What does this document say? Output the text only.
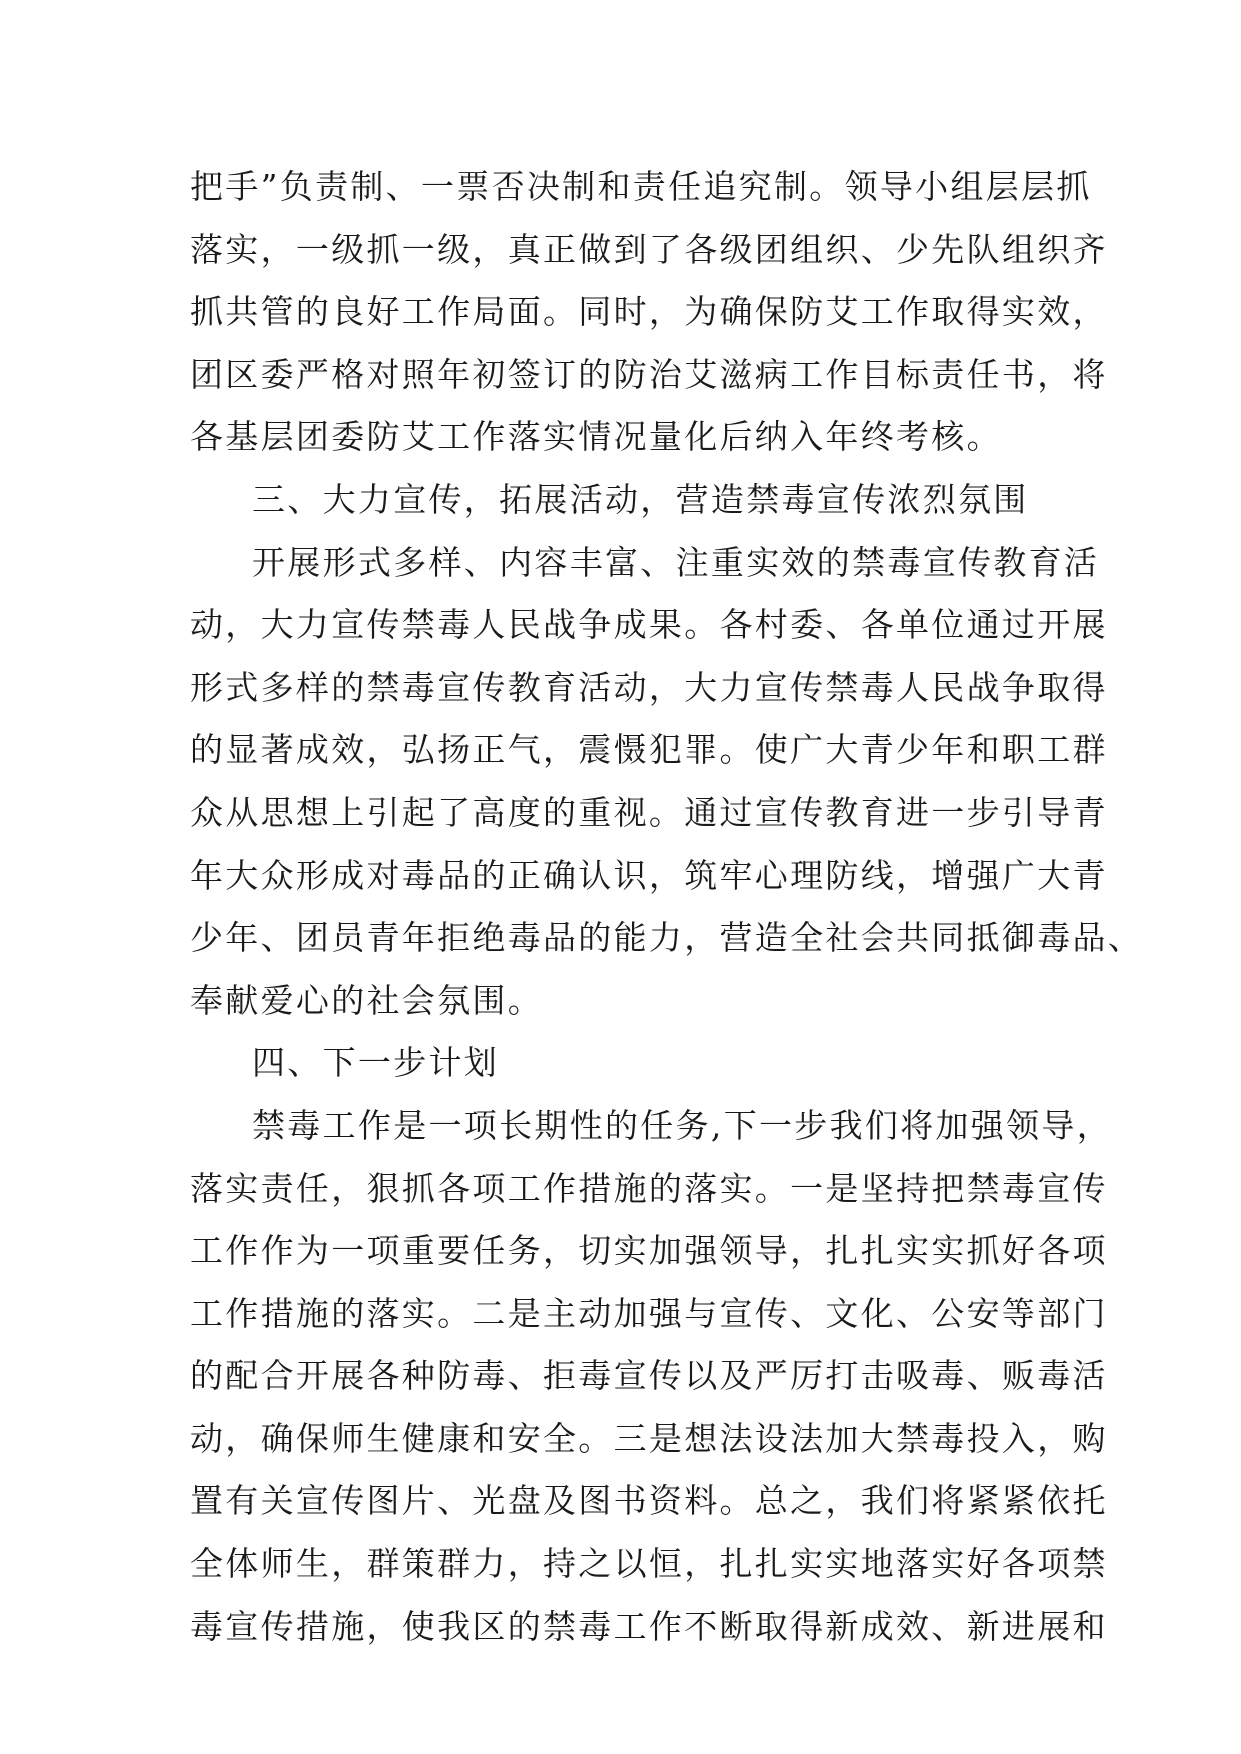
把手”负责制、一票否决制和责任追究制。领导小组层层抓
落实，一级抓一级，真正做到了各级团组织、少先队组织齐
抓共管的良好工作局面。同时，为确保防艾工作取得实效，
团区委严格对照年初签订的防治艾滋病工作目标责任书，将
各基层团委防艾工作落实情况量化后纳入年终考核。
三、大力宣传，拓展活动，营造禁毒宣传浓烈氛围
开展形式多样、内容丰富、注重实效的禁毒宣传教育活
动，大力宣传禁毒人民战争成果。各村委、各单位通过开展
形式多样的禁毒宣传教育活动，大力宣传禁毒人民战争取得
的显著成效，弘扬正气，震慑犯罪。使广大青少年和职工群
众从思想上引起了高度的重视。通过宣传教育进一步引导青
年大众形成对毒品的正确认识，筑牢心理防线，增强广大青
少年、团员青年拒绝毒品的能力，营造全社会共同抵御毒品、
奉献爱心的社会氛围。
四、下一步计划
禁毒工作是一项长期性的任务,下一步我们将加强领导，
落实责任，狠抓各项工作措施的落实。一是坚持把禁毒宣传
工作作为一项重要任务，切实加强领导，扎扎实实抓好各项
工作措施的落实。二是主动加强与宣传、文化、公安等部门
的配合开展各种防毒、拒毒宣传以及严厉打击吸毒、贩毒活
动，确保师生健康和安全。三是想法设法加大禁毒投入，购
置有关宣传图片、光盘及图书资料。总之，我们将紧紧依托
全体师生，群策群力，持之以恒，扎扎实实地落实好各项禁
毒宣传措施，使我区的禁毒工作不断取得新成效、新进展和
